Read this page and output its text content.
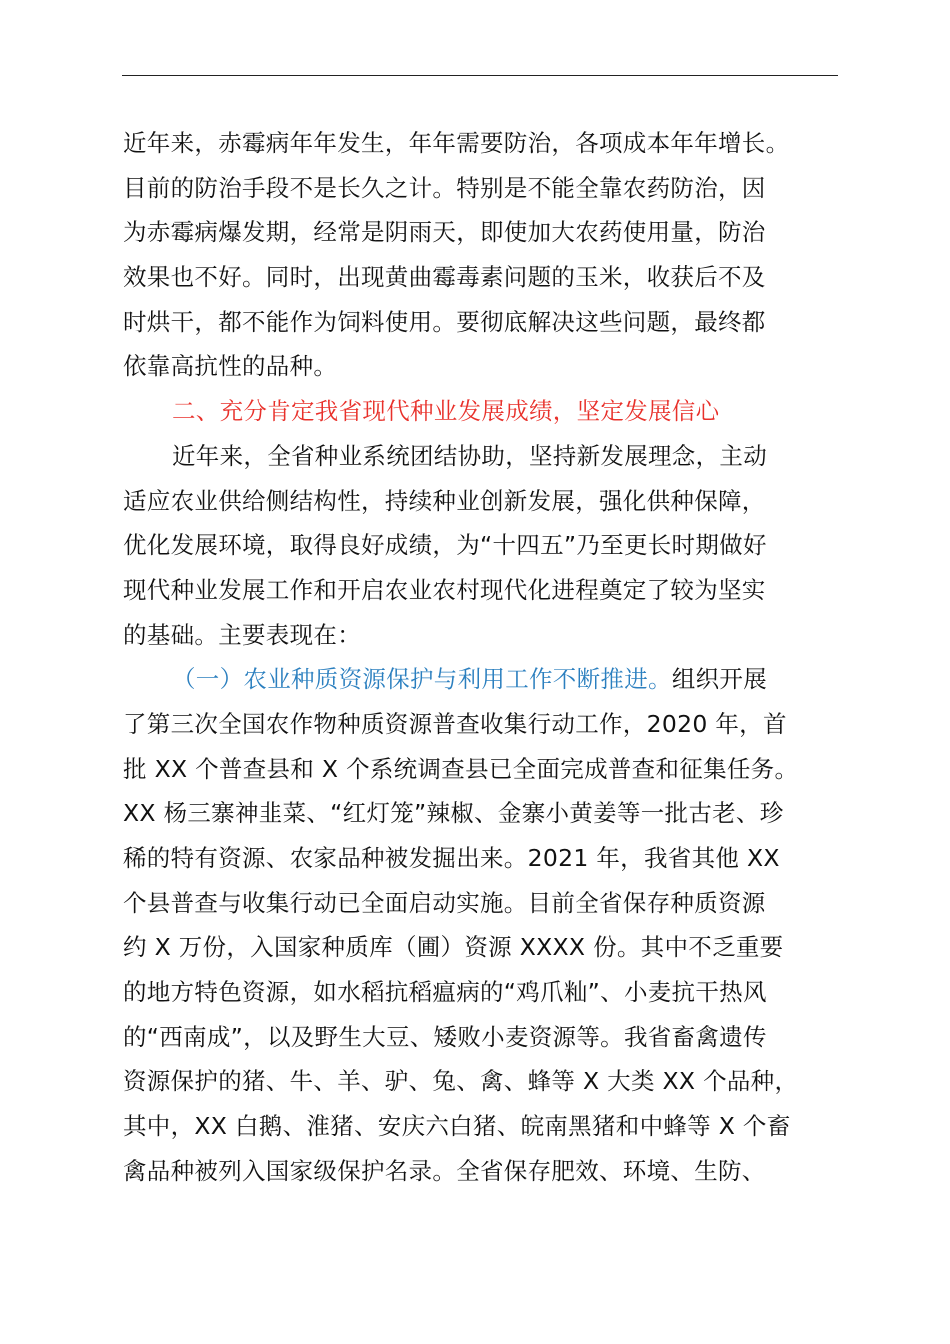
近年来，赤霉病年年发生，年年需要防治，各项成本年年增长。
目前的防治手段不是长久之计。特别是不能全靠农药防治，因
为赤霉病爆发期，经常是阴雨天，即使加大农药使用量，防治
效果也不好。同时，出现黄曲霉毒素问题的玉米，收获后不及
时烘干，都不能作为饲料使用。要彻底解决这些问题，最终都
依靠高抗性的品种。
二、充分肯定我省现代种业发展成绩，坚定发展信心
近年来，全省种业系统团结协助，坚持新发展理念，主动
适应农业供给侧结构性，持续种业创新发展，强化供种保障，
优化发展环境，取得良好成绩，为“十四五”乃至更长时期做好
现代种业发展工作和开启农业农村现代化进程奠定了较为坚实
的基础。主要表现在：
（一）农业种质资源保护与利用工作不断推进。组织开展
了第三次全国农作物种质资源普查收集行动工作，2020 年，首
批 XX 个普查县和 X 个系统调查县已全面完成普查和征集任务。
XX 杨三寨神韭菜、“红灯笼”辣椒、金寨小黄姜等一批古老、珍
稀的特有资源、农家品种被发掘出来。2021 年，我省其他 XX
个县普查与收集行动已全面启动实施。目前全省保存种质资源
约 X 万份，入国家种质库（圃）资源 XXXX 份。其中不乏重要
的地方特色资源，如水稻抗稻瘟病的“鸡爪籼”、小麦抗干热风
的“西南成”，以及野生大豆、矮败小麦资源等。我省畜禽遗传
资源保护的猪、牛、羊、驴、兔、禽、蜂等 X 大类 XX 个品种，
其中，XX 白鹅、淮猪、安庆六白猪、皖南黑猪和中蜂等 X 个畜
禽品种被列入国家级保护名录。全省保存肥效、环境、生防、
